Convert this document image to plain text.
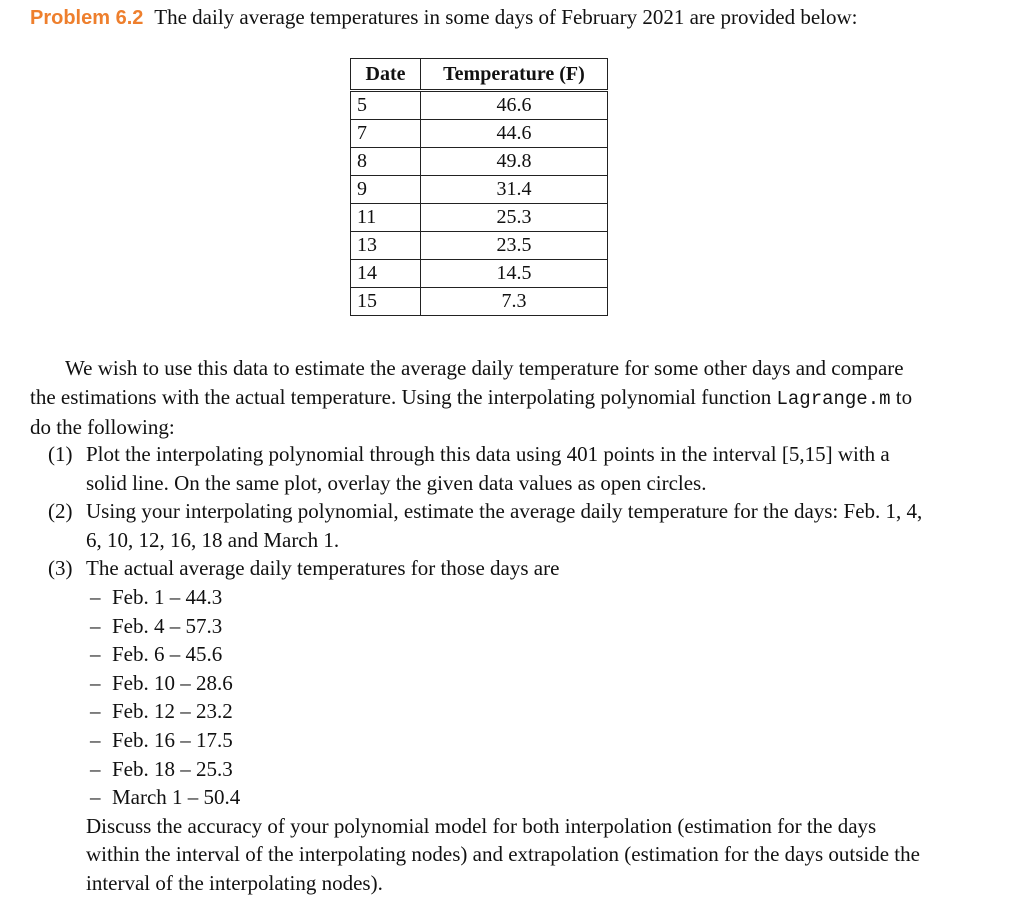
Problem 6.2 The daily average temperatures in some days of February 2021 are provided below:
Date	Temperature (F)
5	46.6
7	44.6
8	49.8
9	31.4
11	25.3
13	23.5
14	14.5
15	7.3
We wish to use this data to estimate the average daily temperature for some other days and compare the estimations with the actual temperature. Using the interpolating polynomial function Lagrange.m to do the following:
(1) Plot the interpolating polynomial through this data using 401 points in the interval [5,15] with a solid line. On the same plot, overlay the given data values as open circles.
(2) Using your interpolating polynomial, estimate the average daily temperature for the days: Feb. 1, 4, 6, 10, 12, 16, 18 and March 1.
(3) The actual average daily temperatures for those days are
– Feb. 1 – 44.3
– Feb. 4 – 57.3
– Feb. 6 – 45.6
– Feb. 10 – 28.6
– Feb. 12 – 23.2
– Feb. 16 – 17.5
– Feb. 18 – 25.3
– March 1 – 50.4
Discuss the accuracy of your polynomial model for both interpolation (estimation for the days within the interval of the interpolating nodes) and extrapolation (estimation for the days outside the interval of the interpolating nodes).
